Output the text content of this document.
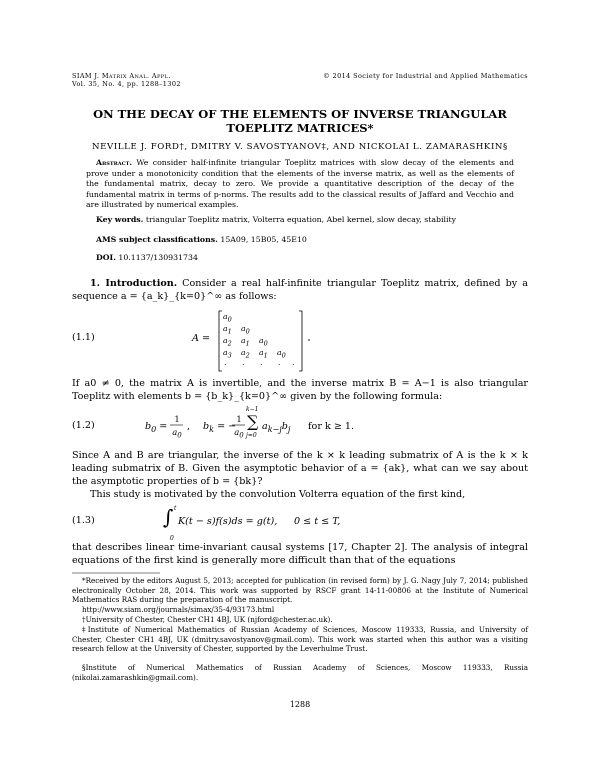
SIAM J. Matrix Anal. Appl.
Vol. 35, No. 4, pp. 1288–1302
© 2014 Society for Industrial and Applied Mathematics
ON THE DECAY OF THE ELEMENTS OF INVERSE TRIANGULAR
TOEPLITZ MATRICES*
NEVILLE J. FORD†, DMITRY V. SAVOSTYANOV‡, AND NICKOLAI L. ZAMARASHKIN§
Abstract. We consider half-infinite triangular Toeplitz matrices with slow decay of the elements and prove under a monotonicity condition that the elements of the inverse matrix, as well as the elements of the fundamental matrix, decay to zero. We provide a quantitative description of the decay of the fundamental matrix in terms of p-norms. The results add to the classical results of Jaffard and Vecchio and are illustrated by numerical examples.
Key words. triangular Toeplitz matrix, Volterra equation, Abel kernel, slow decay, stability
AMS subject classifications. 15A09, 15B05, 45E10
DOI. 10.1137/130931734
1. Introduction. Consider a real half-infinite triangular Toeplitz matrix, defined by a sequence a = {a_k}_{k=0}^∞ as follows:
(1.1)	A =
$a_0$
$a_1$ $a_0$
$a_2$ $a_1$ $a_0$
$a_3$ $a_2$ $a_1$ $a_0$
. . . . .
If a0 ≠ 0, the matrix A is invertible, and the inverse matrix B = A−1 is also triangular Toeplitz with elements b = {b_k}_{k=0}^∞ given by the following formula:
(1.2)	$b_0$ =
1
$a_0$
, $b_k$ = −
1
$a_0$
∑
k−1
j=0
$a_{k-j}b_j$ for k ≥ 1.
Since A and B are triangular, the inverse of the k × k leading submatrix of A is the k × k leading submatrix of B. Given the asymptotic behavior of a = {ak}, what can we say about the asymptotic properties of b = {bk}?
This study is motivated by the convolution Volterra equation of the first kind,
(1.3)	∫ t
0
K(t − s)f(s)ds = g(t), 0 ≤ t ≤ T,
that describes linear time-invariant causal systems [17, Chapter 2]. The analysis of integral equations of the first kind is generally more difficult than that of the equations
*Received by the editors August 5, 2013; accepted for publication (in revised form) by J. G. Nagy July 7, 2014; published electronically October 28, 2014. This work was supported by RSCF grant 14-11-00806 at the Institute of Numerical Mathematics RAS during the preparation of the manuscript.
http://www.siam.org/journals/simax/35-4/93173.html
†University of Chester, Chester CH1 4BJ, UK (njford@chester.ac.uk).
‡Institute of Numerical Mathematics of Russian Academy of Sciences, Moscow 119333, Russia, and University of Chester, Chester CH1 4BJ, UK (dmitry.savostyanov@gmail.com). This work was started when this author was a visiting research fellow at the University of Chester, supported by the Leverhulme Trust.
§Institute of Numerical Mathematics of Russian Academy of Sciences, Moscow 119333, Russia (nikolai.zamarashkin@gmail.com).
1288
